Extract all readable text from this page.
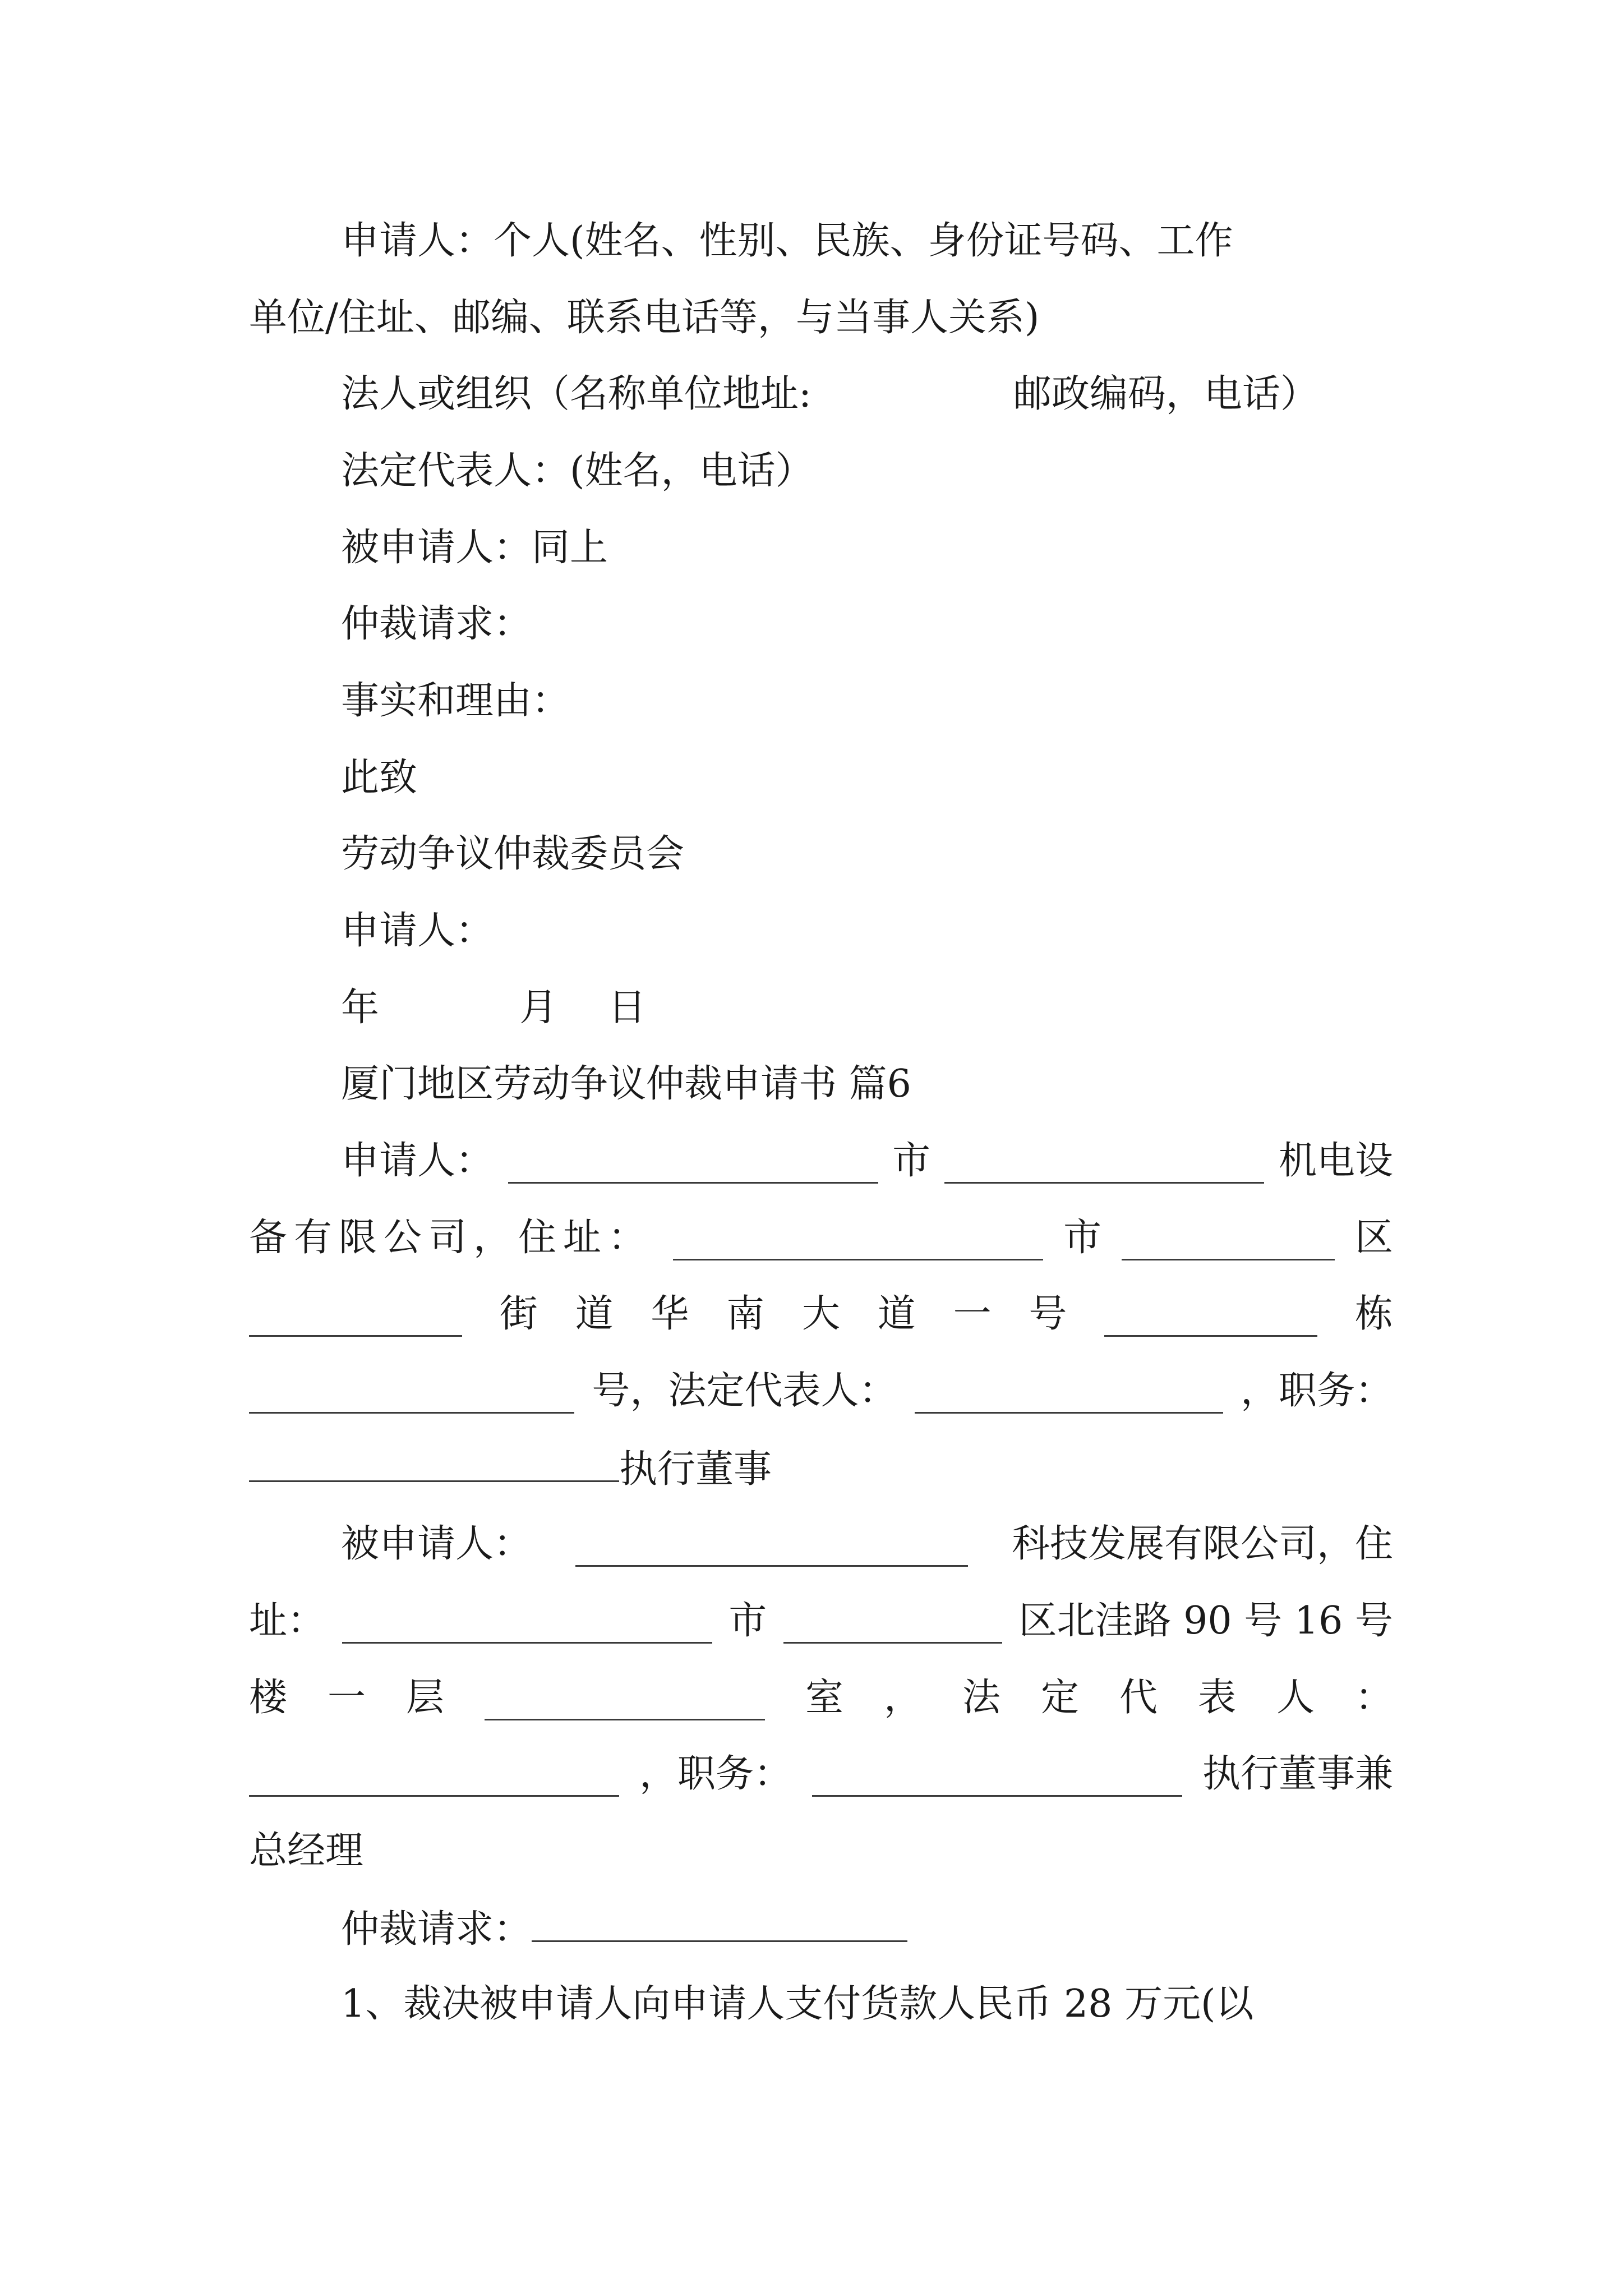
申请人：个人(姓名、性别、民族、身份证号码、工作
单位/住址、邮编、联系电话等，与当事人关系)
法人或组织（名称单位地址:	邮政编码，电话）
法定代表人：(姓名，电话）
被申请人：同上
仲裁请求：
事实和理由：
此致
劳动争议仲裁委员会
申请人：
年	月 日
厦门地区劳动争议仲裁申请书 篇6
申请人：	市	机电设
备有限公司，住址：	市	区
街 道 华 南 大 道 一 号	栋
号，法定代表人：	，职务：
执行董事
被申请人：	科技发展有限公司，住
址：	市	区北洼路 90 号 16 号
楼 一 层	室 ， 法 定 代 表 人 ：
，职务：	执行董事兼
总经理
仲裁请求：
1、裁决被申请人向申请人支付货款人民币 28 万元(以
